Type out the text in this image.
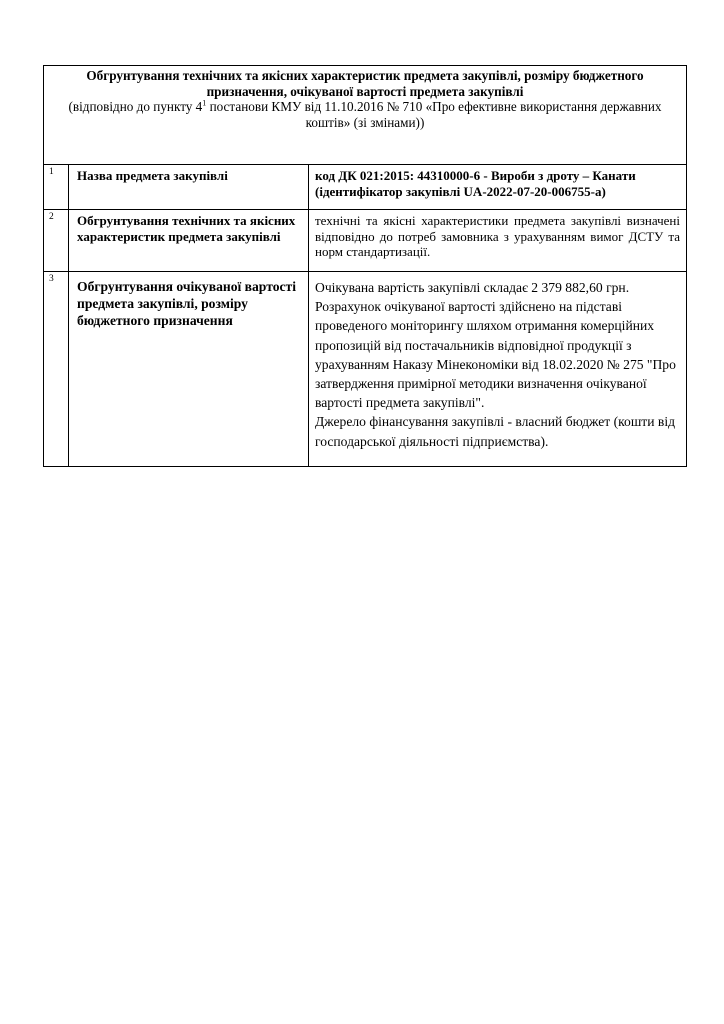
Обгрунтування технічних та якісних характеристик предмета закупівлі, розміру бюджетного призначення, очікуваної вартості предмета закупівлі
(відповідно до пункту $4^1$ постанови КМУ від 11.10.2016 № 710 «Про ефективне використання державних коштів» (зі змінами))		

1	Назва предмета закупівлі	код ДК 021:2015: 44310000-6 - Вироби з дроту – Канати (ідентифікатор закупівлі UA-2022-07-20-006755-a)
2	Обгрунтування технічних та якісних характеристик предмета закупівлі	технічні та якісні характеристики предмета закупівлі визначені відповідно до потреб замовника з урахуванням вимог ДСТУ та норм стандартизації.
3	Обгрунтування очікуваної вартості предмета закупівлі, розміру бюджетного призначення	Очікувана вартість закупівлі складає 2 379 882,60 грн.
Розрахунок очікуваної вартості здійснено на підставі проведеного моніторингу шляхом отримання комерційних пропозицій від постачальників відповідної продукції з урахуванням Наказу Мінекономіки від 18.02.2020 № 275 "Про затвердження примірної методики визначення очікуваної вартості предмета закупівлі".
Джерело фінансування закупівлі - власний бюджет (кошти від господарської діяльності підприємства).
